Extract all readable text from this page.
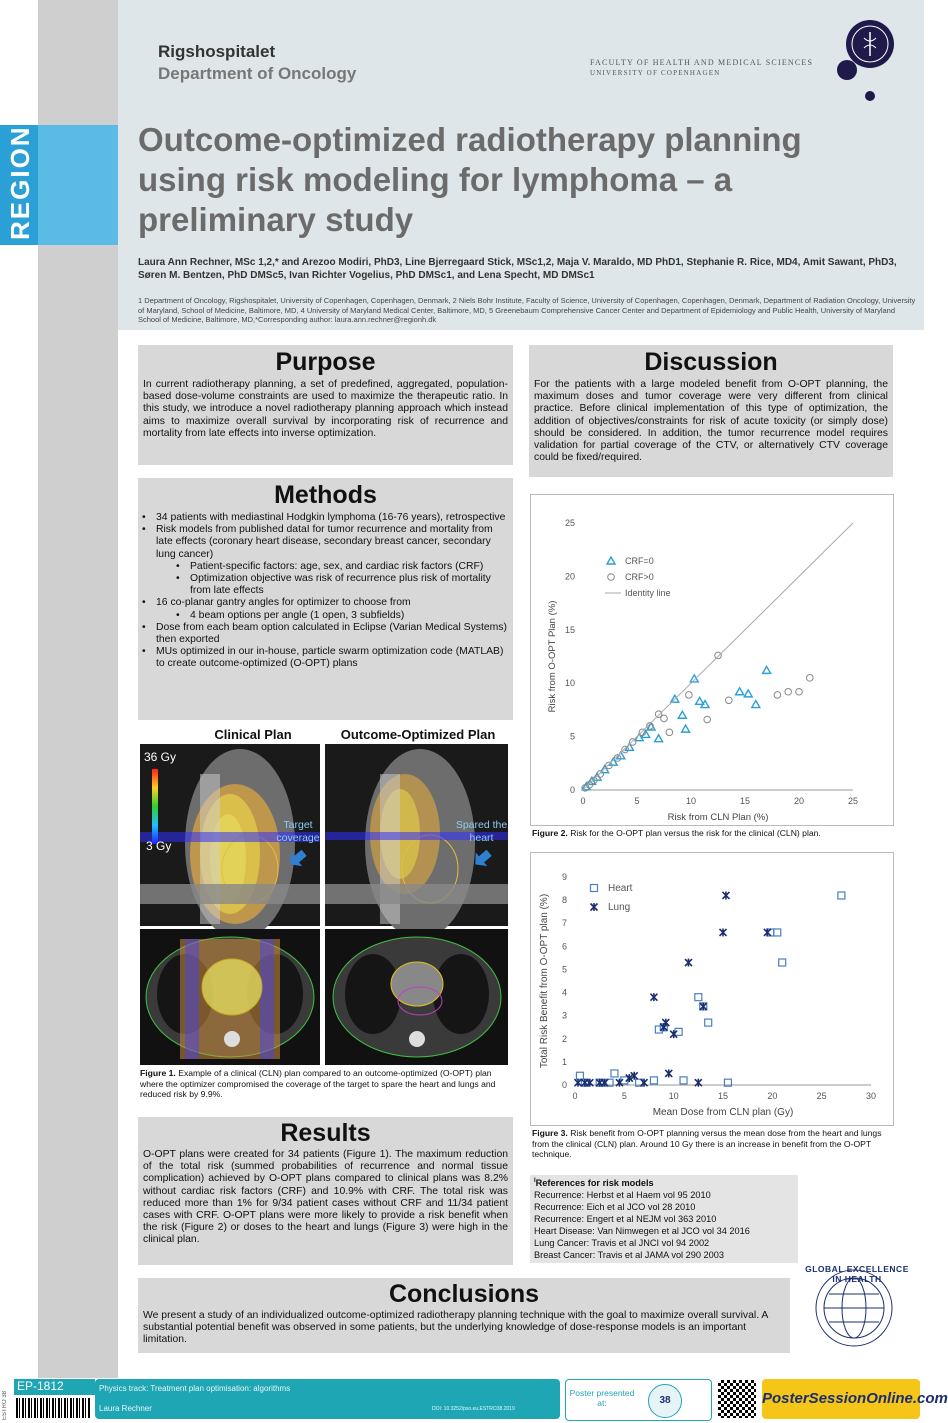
REGION
Rigshospitalet
Department of Oncology
FACULTY OF HEALTH AND MEDICAL SCIENCES
UNIVERSITY OF COPENHAGEN
Outcome-optimized radiotherapy planning using risk modeling for lymphoma – a preliminary study
Laura Ann Rechner, MSc 1,2,* and Arezoo Modiri, PhD3, Line Bjerregaard Stick, MSc1,2, Maja V. Maraldo, MD PhD1, Stephanie R. Rice, MD4, Amit Sawant, PhD3, Søren M. Bentzen, PhD DMSc5, Ivan Richter Vogelius, PhD DMSc1, and Lena Specht, MD DMSc1
1 Department of Oncology, Rigshospitalet, University of Copenhagen, Copenhagen, Denmark, 2 Niels Bohr Institute, Faculty of Science, University of Copenhagen, Copenhagen, Denmark, Department of Radiation Oncology, University of Maryland, School of Medicine, Baltimore, MD, 4 University of Maryland Medical Center, Baltimore, MD, 5 Greenebaum Comprehensive Cancer Center and Department of Epidemiology and Public Health, University of Maryland School of Medicine, Baltimore, MD,*Corresponding author: laura.ann.rechner@regionh.dk
Purpose
In current radiotherapy planning, a set of predefined, aggregated, population-based dose-volume constraints are used to maximize the therapeutic ratio. In this study, we introduce a novel radiotherapy planning approach which instead aims to maximize overall survival by incorporating risk of recurrence and mortality from late effects into inverse optimization.
Methods
• 34 patients with mediastinal Hodgkin lymphoma (16-76 years), retrospective
• Risk models from published dataI for tumor recurrence and mortality from late effects (coronary heart disease, secondary breast cancer, secondary lung cancer)
• Patient-specific factors: age, sex, and cardiac risk factors (CRF)
• Optimization objective was risk of recurrence plus risk of mortality from late effects
• 16 co-planar gantry angles for optimizer to choose from
• 4 beam options per angle (1 open, 3 subfields)
• Dose from each beam option calculated in Eclipse (Varian Medical Systems) then exported
• MUs optimized in our in-house, particle swarm optimization code (MATLAB) to create outcome-optimized (O-OPT) plans
Clinical Plan	Outcome-Optimized Plan
36 Gy
3 Gy
Target coverage
Spared the heart
Figure 1. Example of a clinical (CLN) plan compared to an outcome-optimized (O-OPT) plan where the optimizer compromised the coverage of the target to spare the heart and lungs and reduced risk by 9.9%.
Results
O-OPT plans were created for 34 patients (Figure 1). The maximum reduction of the total risk (summed probabilities of recurrence and normal tissue complication) achieved by O-OPT plans compared to clinical plans was 8.2% without cardiac risk factors (CRF) and 10.9% with CRF. The total risk was reduced more than 1% for 9/34 patient cases without CRF and 11/34 patient cases with CRF. O-OPT plans were more likely to provide a risk benefit when the risk (Figure 2) or doses to the heart and lungs (Figure 3) were high in the clinical plan.
Discussion
For the patients with a large modeled benefit from O-OPT planning, the maximum doses and tumor coverage were very different from clinical practice. Before clinical implementation of this type of optimization, the addition of objectives/constraints for risk of acute toxicity (or simply dose) should be considered. In addition, the tumor recurrence model requires validation for partial coverage of the CTV, or alternatively CTV coverage could be fixed/required.
0	5	10	15	20	25
0
5
10
15
20
25
Risk from CLN Plan (%)
Risk from O-OPT Plan (%)
CRF=0
CRF>0
Identity line
Figure 2. Risk for the O-OPT plan versus the risk for the clinical (CLN) plan.
0	5	10	15	20	25	30
0
1
2
3
4
5
6
7
8
9
Mean Dose from CLN plan (Gy)
Total Risk Benefit from O-OPT plan (%)
Heart
Lung
Figure 3. Risk benefit from O-OPT planning versus the mean dose from the heart and lungs from the clinical (CLN) plan. Around 10 Gy there is an increase in benefit from the O-OPT technique.
$^I$References for risk models
Recurrence: Herbst et al Haem vol 95 2010
Recurrence: Eich et al JCO vol 28 2010
Recurrence: Engert et al NEJM vol 363 2010
Heart Disease: Van Nimwegen et al JCO vol 34 2016
Lung Cancer: Travis et al JNCI vol 94 2002
Breast Cancer: Travis et al JAMA vol 290 2003
Conclusions
We present a study of an individualized outcome-optimized radiotherapy planning technique with the goal to maximize overall survival. A substantial potential benefit was observed in some patients, but the underlying knowledge of dose-response models is an important limitation.
GLOBAL EXCELLENCE IN HEALTH
ESTRO 38
EP-1812	Physics track: Treatment plan optimisation: algorithms
Laura Rechner	DOI: 10.3252/pso.eu.ESTRO38.2019
Poster presented at:	38	PosterSessionOnline.com
